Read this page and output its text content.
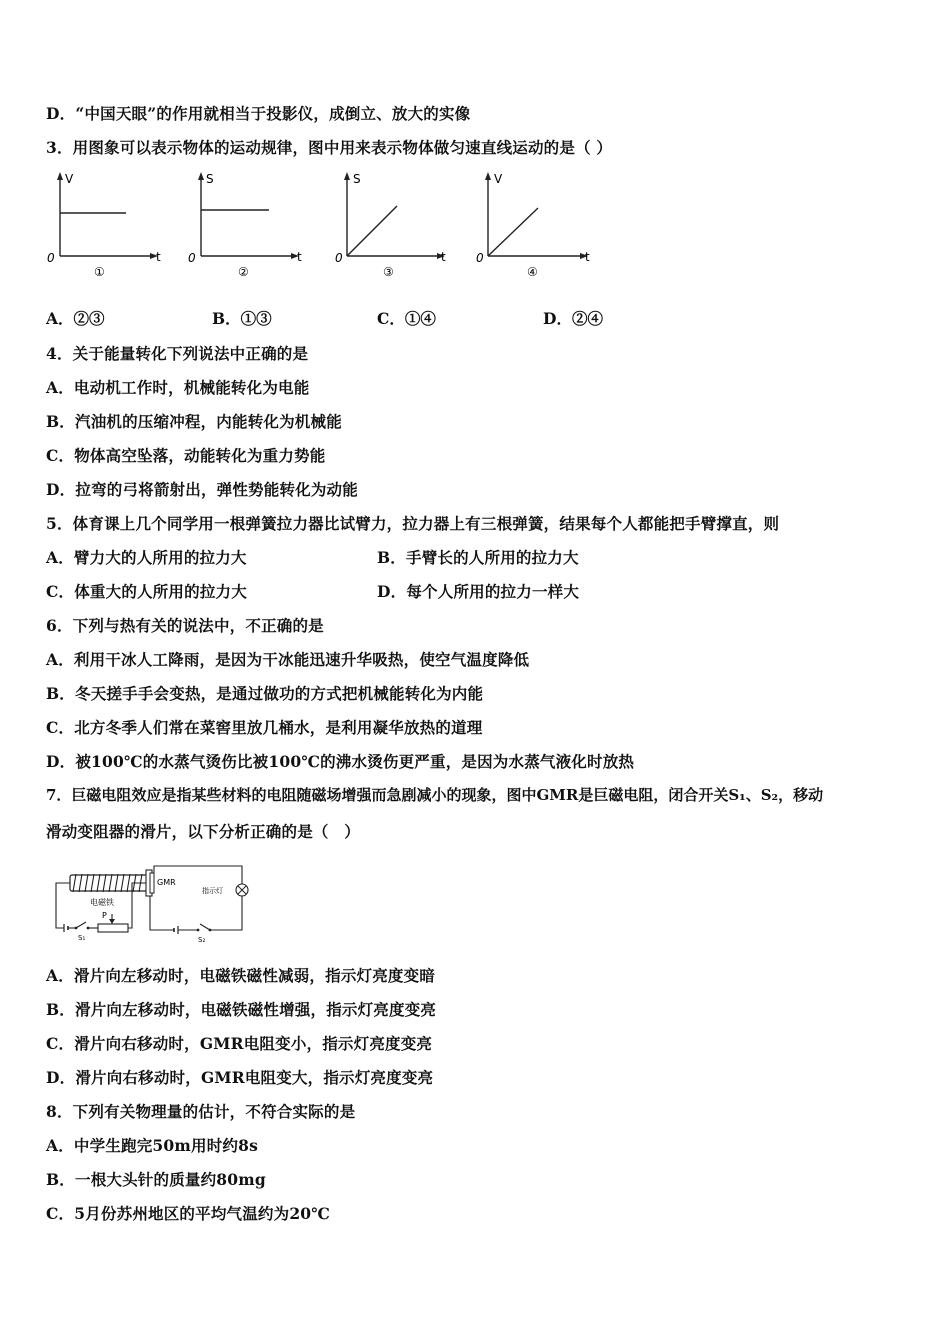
D．“中国天眼”的作用就相当于投影仪，成倒立、放大的实像
3．用图象可以表示物体的运动规律，图中用来表示物体做匀速直线运动的是（ ）
V
t
0
①
S
t
0
②
S
t
0
③
V
t
0
④
A．②③	B．①③	C．①④	D．②④
4．关于能量转化下列说法中正确的是
A．电动机工作时，机械能转化为电能
B．汽油机的压缩冲程，内能转化为机械能
C．物体高空坠落，动能转化为重力势能
D．拉弯的弓将箭射出，弹性势能转化为动能
5．体育课上几个同学用一根弹簧拉力器比试臂力，拉力器上有三根弹簧，结果每个人都能把手臂撑直，则
A．臂力大的人所用的拉力大	B．手臂长的人所用的拉力大
C．体重大的人所用的拉力大	D．每个人所用的拉力一样大
6．下列与热有关的说法中，不正确的是
A．利用干冰人工降雨，是因为干冰能迅速升华吸热，使空气温度降低
B．冬天搓手手会变热，是通过做功的方式把机械能转化为内能
C．北方冬季人们常在菜窖里放几桶水，是利用凝华放热的道理
D．被100℃的水蒸气烫伤比被100℃的沸水烫伤更严重，是因为水蒸气液化时放热
7．巨磁电阻效应是指某些材料的电阻随磁场增强而急剧减小的现象，图中GMR是巨磁电阻，闭合开关S₁、S₂，移动
滑动变阻器的滑片，以下分析正确的是（　）
电磁铁
S₁
P
GMR
指示灯
S₂
A．滑片向左移动时，电磁铁磁性减弱，指示灯亮度变暗
B．滑片向左移动时，电磁铁磁性增强，指示灯亮度变亮
C．滑片向右移动时，GMR电阻变小，指示灯亮度变亮
D．滑片向右移动时，GMR电阻变大，指示灯亮度变亮
8．下列有关物理量的估计，不符合实际的是
A．中学生跑完50m用时约8s
B．一根大头针的质量约80mg
C．5月份苏州地区的平均气温约为20℃
